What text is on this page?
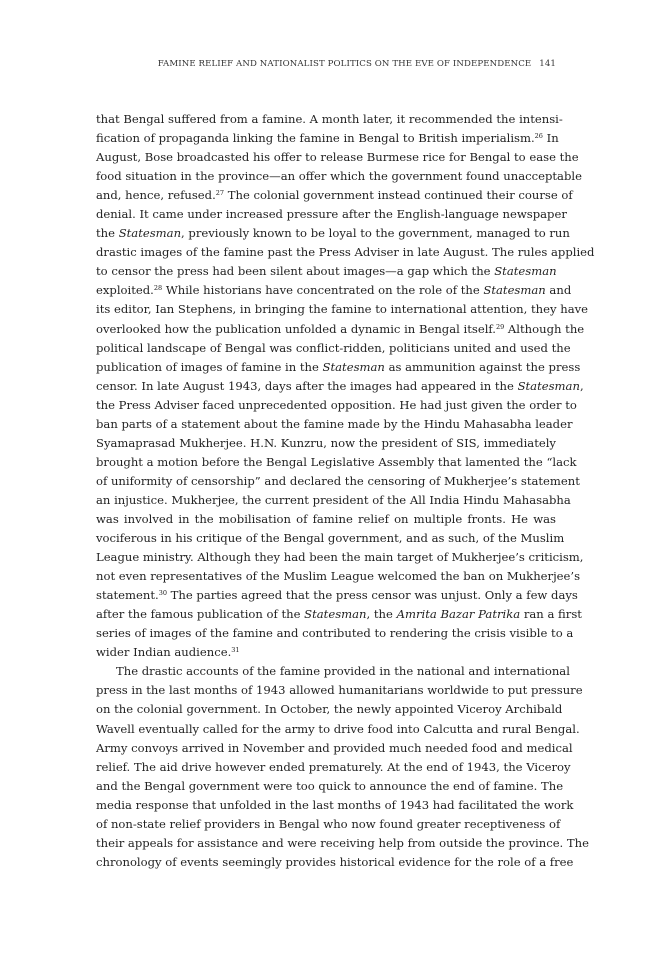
FAMINE RELIEF AND NATIONALIST POLITICS ON THE EVE OF INDEPENDENCE 141
that Bengal suffered from a famine. A month later, it recommended the intensi-
fication of propaganda linking the famine in Bengal to British imperialism.$^{26}$ In
August, Bose broadcasted his offer to release Burmese rice for Bengal to ease the
food situation in the province—an offer which the government found unacceptable
and, hence, refused.$^{27}$ The colonial government instead continued their course of
denial. It came under increased pressure after the English-language newspaper
the Statesman, previously known to be loyal to the government, managed to run
drastic images of the famine past the Press Adviser in late August. The rules applied
to censor the press had been silent about images—a gap which the Statesman
exploited.$^{28}$ While historians have concentrated on the role of the Statesman and
its editor, Ian Stephens, in bringing the famine to international attention, they have
overlooked how the publication unfolded a dynamic in Bengal itself.$^{29}$ Although the
political landscape of Bengal was conflict-ridden, politicians united and used the
publication of images of famine in the Statesman as ammunition against the press
censor. In late August 1943, days after the images had appeared in the Statesman,
the Press Adviser faced unprecedented opposition. He had just given the order to
ban parts of a statement about the famine made by the Hindu Mahasabha leader
Syamaprasad Mukherjee. H.N. Kunzru, now the president of SIS, immediately
brought a motion before the Bengal Legislative Assembly that lamented the “lack
of uniformity of censorship” and declared the censoring of Mukherjee’s statement
an injustice. Mukherjee, the current president of the All India Hindu Mahasabha
was involved in the mobilisation of famine relief on multiple fronts. He was
vociferous in his critique of the Bengal government, and as such, of the Muslim
League ministry. Although they had been the main target of Mukherjee’s criticism,
not even representatives of the Muslim League welcomed the ban on Mukherjee’s
statement.$^{30}$ The parties agreed that the press censor was unjust. Only a few days
after the famous publication of the Statesman, the Amrita Bazar Patrika ran a first
series of images of the famine and contributed to rendering the crisis visible to a
wider Indian audience.$^{31}$
The drastic accounts of the famine provided in the national and international
press in the last months of 1943 allowed humanitarians worldwide to put pressure
on the colonial government. In October, the newly appointed Viceroy Archibald
Wavell eventually called for the army to drive food into Calcutta and rural Bengal.
Army convoys arrived in November and provided much needed food and medical
relief. The aid drive however ended prematurely. At the end of 1943, the Viceroy
and the Bengal government were too quick to announce the end of famine. The
media response that unfolded in the last months of 1943 had facilitated the work
of non-state relief providers in Bengal who now found greater receptiveness of
their appeals for assistance and were receiving help from outside the province. The
chronology of events seemingly provides historical evidence for the role of a free
